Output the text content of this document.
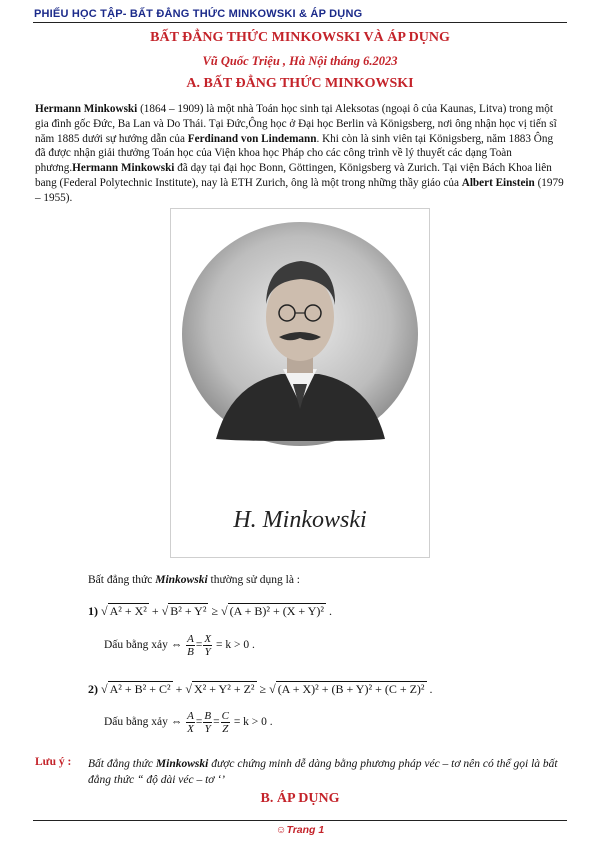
PHIẾU HỌC TẬP- BẤT ĐẲNG THỨC MINKOWSKI & ÁP DỤNG
BẤT ĐẲNG THỨC MINKOWSKI VÀ ÁP DỤNG
Vũ Quốc Triệu , Hà Nội tháng 6.2023
A. BẤT ĐẲNG THỨC MINKOWSKI
Hermann Minkowski (1864 – 1909) là một nhà Toán học sinh tại Aleksotas (ngoại ô của Kaunas, Litva) trong một gia đình gốc Đức, Ba Lan và Do Thái. Tại Đức,Ông học ở Đại học Berlin và Königsberg, nơi ông nhận học vị tiến sĩ năm 1885 dưới sự hướng dẫn của Ferdinand von Lindemann. Khi còn là sinh viên tại Königsberg, năm 1883 Ông đã được nhận giải thưởng Toán học của Viện khoa học Pháp cho các công trình về lý thuyết các dạng Toàn phương.Hermann Minkowski đã dạy tại đại học Bonn, Göttingen, Königsberg và Zurich. Tại viện Bách Khoa liên bang (Federal Polytechnic Institute), nay là ETH Zurich, ông là một trong những thầy giáo của Albert Einstein (1979 – 1955).
H. Minkowski
Bất đẳng thức Minkowski thường sử dụng là :
1) √ A² + X² + √ B² + Y² ≥ √ (A + B)² + (X + Y)² .
Dấu bằng xảy ⇔ $\frac{A}{B} = \frac{X}{Y} = k > 0$ .
2) √ A² + B² + C² + √ X² + Y² + Z² ≥ √ (A + X)² + (B + Y)² + (C + Z)² .
Dấu bằng xảy ⇔ $\frac{A}{X} = \frac{B}{Y} = \frac{C}{Z} = k > 0$ .
Lưu ý : Bất đẳng thức Minkowski được chứng minh dễ dàng bằng phương pháp véc – tơ nên có thể gọi là bất đẳng thức “ độ dài véc – tơ ‘’
B. ÁP DỤNG
☺Trang 1
